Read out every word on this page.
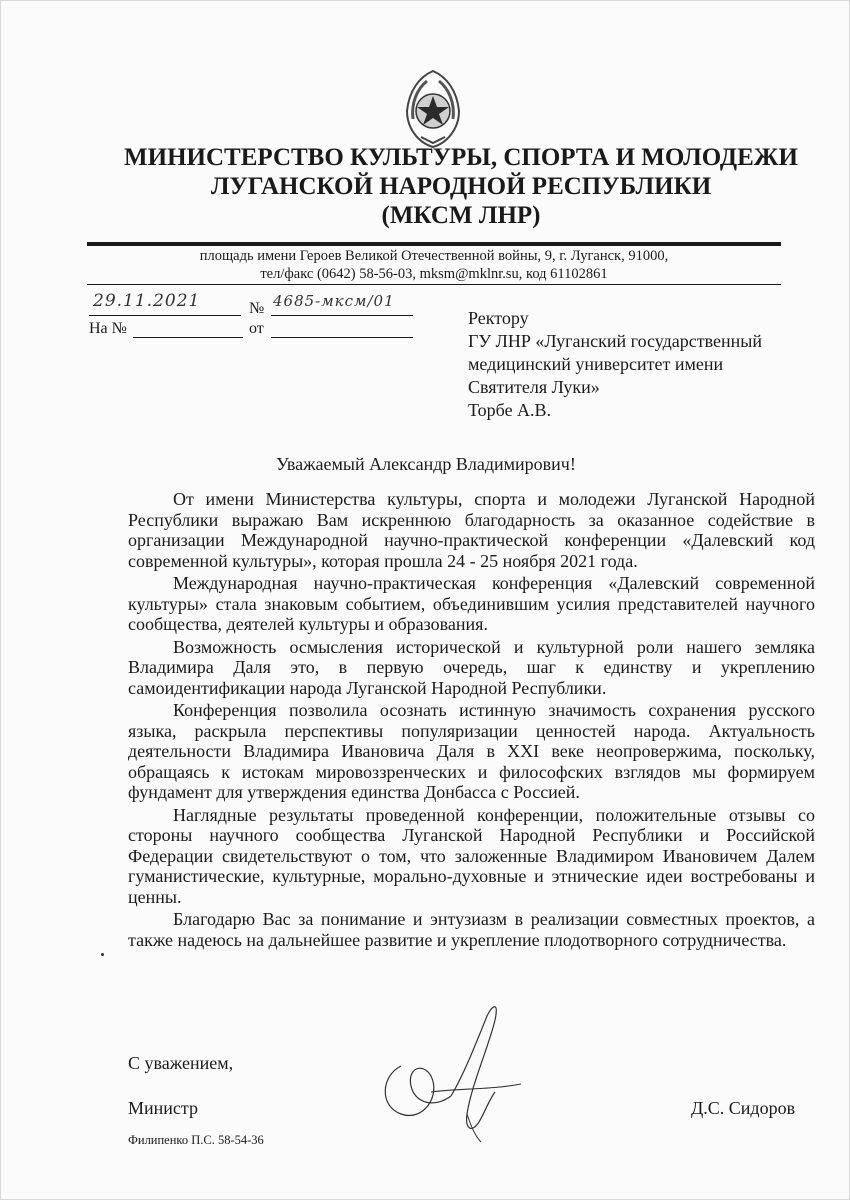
МИНИСТЕРСТВО КУЛЬТУРЫ, СПОРТА И МОЛОДЕЖИ
ЛУГАНСКОЙ НАРОДНОЙ РЕСПУБЛИКИ
(МКСМ ЛНР)
площадь имени Героев Великой Отечественной войны, 9, г. Луганск, 91000,
тел/факс (0642) 58-56-03, mksm@mklnr.su, код 61102861
29.11.2021	№ 4685-мксм/01
На №	от
Ректору
ГУ ЛНР «Луганский государственный
медицинский университет имени
Святителя Луки»
Торбе А.В.
Уважаемый Александр Владимирович!

От имени Министерства культуры, спорта и молодежи Луганской Народной Республики выражаю Вам искреннюю благодарность за оказанное содействие в организации Международной научно-практической конференции «Далевский код современной культуры», которая прошла 24 - 25 ноября 2021 года.

Международная научно-практическая конференция «Далевский современной культуры» стала знаковым событием, объединившим усилия представителей научного сообщества, деятелей культуры и образования.

Возможность осмысления исторической и культурной роли нашего земляка Владимира Даля это, в первую очередь, шаг к единству и укреплению самоидентификации народа Луганской Народной Республики.

Конференция позволила осознать истинную значимость сохранения русского языка, раскрыла перспективы популяризации ценностей народа. Актуальность деятельности Владимира Ивановича Даля в XXI веке неопровержима, поскольку, обращаясь к истокам мировоззренческих и философских взглядов мы формируем фундамент для утверждения единства Донбасса с Россией.

Наглядные результаты проведенной конференции, положительные отзывы со стороны научного сообщества Луганской Народной Республики и Российской Федерации свидетельствуют о том, что заложенные Владимиром Ивановичем Далем гуманистические, культурные, морально-духовные и этнические идеи востребованы и ценны.

Благодарю Вас за понимание и энтузиазм в реализации совместных проектов, а также надеюсь на дальнейшее развитие и укрепление плодотворного сотрудничества.

С уважением,
Министр	Д.С. Сидоров
Филипенко П.С. 58-54-36
